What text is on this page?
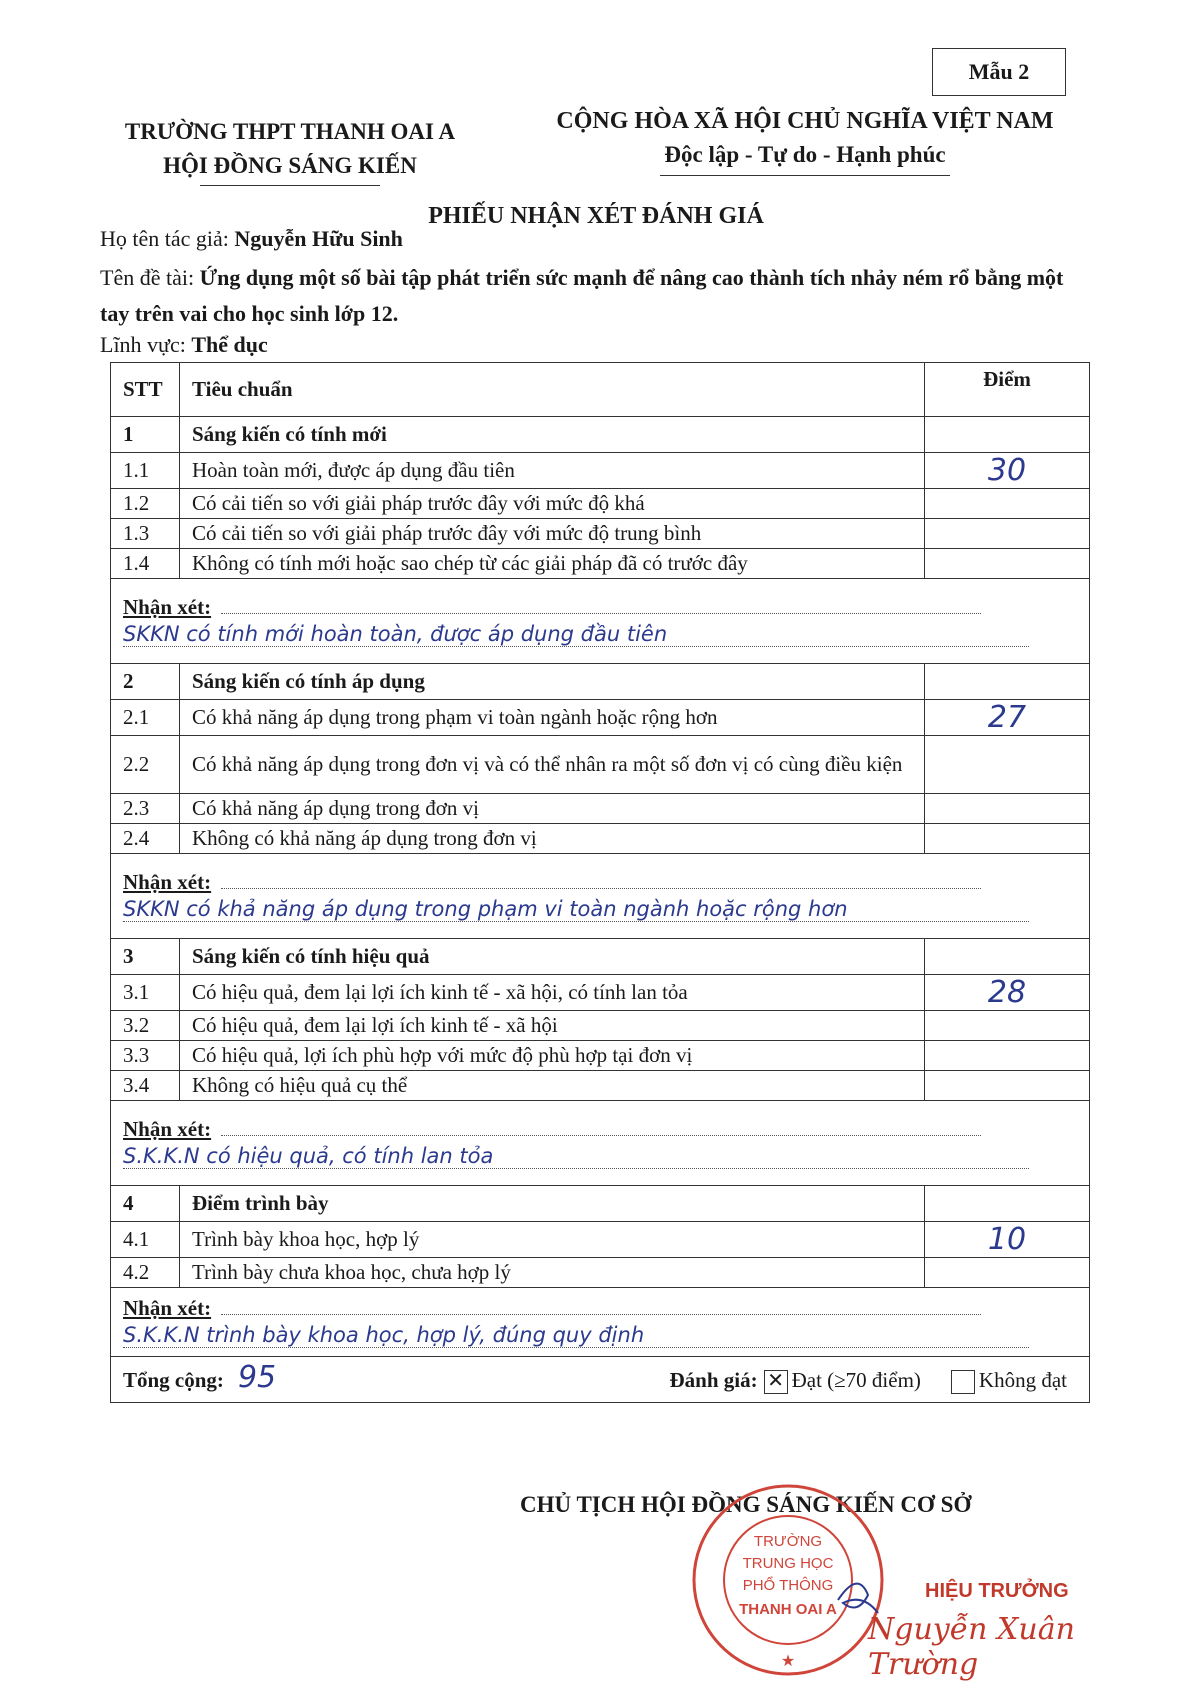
Mẫu 2
TRƯỜNG THPT THANH OAI A
HỘI ĐỒNG SÁNG KIẾN
CỘNG HÒA XÃ HỘI CHỦ NGHĨA VIỆT NAM
Độc lập - Tự do - Hạnh phúc
PHIẾU NHẬN XÉT ĐÁNH GIÁ
Họ tên tác giả: Nguyễn Hữu Sinh
Tên đề tài: Ứng dụng một số bài tập phát triển sức mạnh để nâng cao thành tích nhảy ném rổ bằng một tay trên vai cho học sinh lớp 12.
Lĩnh vực: Thể dục
STT	Tiêu chuẩn	Điểm
1	Sáng kiến có tính mới	
1.1	Hoàn toàn mới, được áp dụng đầu tiên	30
1.2	Có cải tiến so với giải pháp trước đây với mức độ khá	
1.3	Có cải tiến so với giải pháp trước đây với mức độ trung bình	
1.4	Không có tính mới hoặc sao chép từ các giải pháp đã có trước đây	

Nhận xét:
SKKN có tính mới hoàn toàn, được áp dụng đầu tiên		
2	Sáng kiến có tính áp dụng	
2.1	Có khả năng áp dụng trong phạm vi toàn ngành hoặc rộng hơn	27
2.2	Có khả năng áp dụng trong đơn vị và có thể nhân ra một số đơn vị có cùng điều kiện	
2.3	Có khả năng áp dụng trong đơn vị	
2.4	Không có khả năng áp dụng trong đơn vị	

Nhận xét:
SKKN có khả năng áp dụng trong phạm vi toàn ngành hoặc rộng hơn		
3	Sáng kiến có tính hiệu quả	
3.1	Có hiệu quả, đem lại lợi ích kinh tế - xã hội, có tính lan tỏa	28
3.2	Có hiệu quả, đem lại lợi ích kinh tế - xã hội	
3.3	Có hiệu quả, lợi ích phù hợp với mức độ phù hợp tại đơn vị	
3.4	Không có hiệu quả cụ thể	

Nhận xét:
S.K.K.N có hiệu quả, có tính lan tỏa		
4	Điểm trình bày	
4.1	Trình bày khoa học, hợp lý	10
4.2	Trình bày chưa khoa học, chưa hợp lý	

Nhận xét:
S.K.K.N trình bày khoa học, hợp lý, đúng quy định		
Tổng cộng: 95 Đánh giá: ✕ Đạt (≥70 điểm) Không đạt		
CHỦ TỊCH HỘI ĐỒNG SÁNG KIẾN CƠ SỞ
TRƯỜNG
TRUNG HỌC
PHỔ THÔNG
THANH OAI A
★
HIỆU TRƯỞNG
Nguyễn Xuân Trường
